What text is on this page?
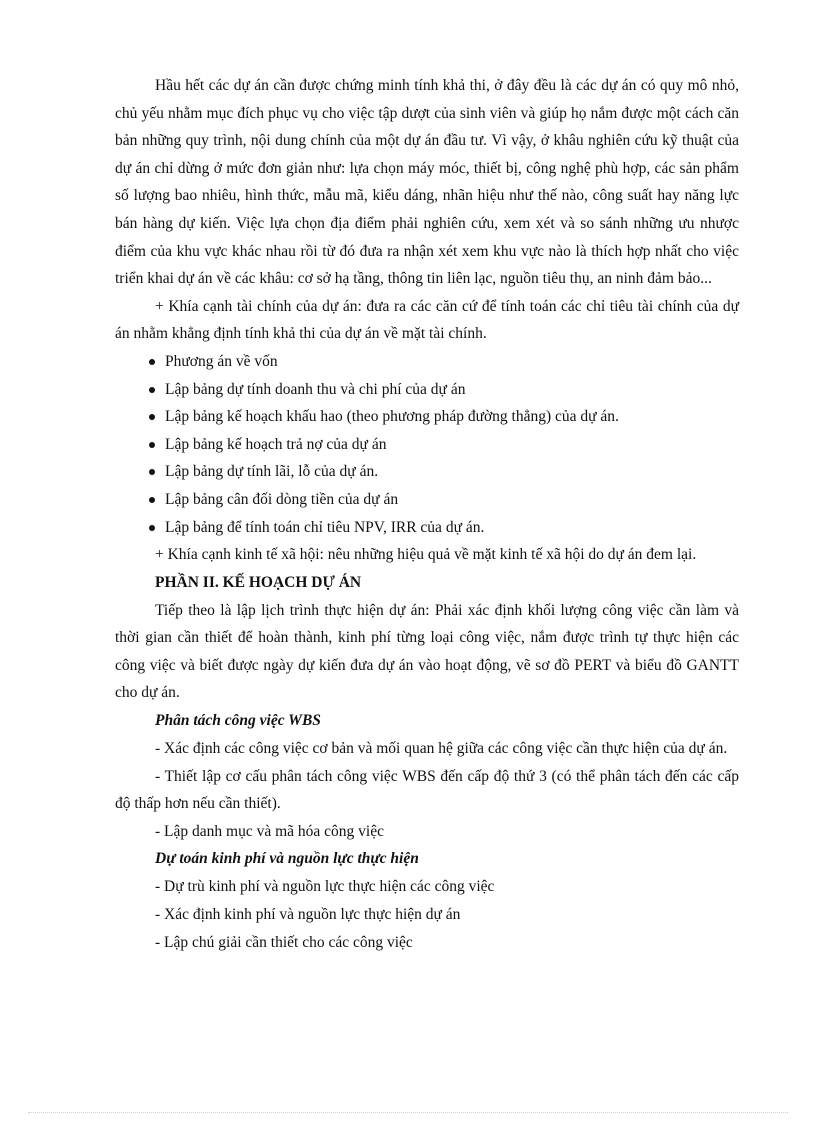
Hầu hết các dự án cần được chứng minh tính khả thi, ở đây đều là các dự án có quy mô nhỏ, chủ yếu nhằm mục đích phục vụ cho việc tập dượt của sinh viên và giúp họ nắm được một cách căn bản những quy trình, nội dung chính của một dự án đầu tư. Vì vậy, ở khâu nghiên cứu kỹ thuật của dự án chỉ dừng ở mức đơn giản như: lựa chọn máy móc, thiết bị, công nghệ phù hợp, các sản phẩm số lượng bao nhiêu, hình thức, mẫu mã, kiểu dáng, nhãn hiệu như thế nào, công suất hay năng lực bán hàng dự kiến. Việc lựa chọn địa điểm phải nghiên cứu, xem xét và so sánh những ưu nhược điểm của khu vực khác nhau rồi từ đó đưa ra nhận xét xem khu vực nào là thích hợp nhất cho việc triển khai dự án về các khâu: cơ sở hạ tầng, thông tin liên lạc, nguồn tiêu thụ, an ninh đảm bảo...

+ Khía cạnh tài chính của dự án: đưa ra các căn cứ để tính toán các chỉ tiêu tài chính của dự án nhằm khẳng định tính khả thi của dự án về mặt tài chính.

Phương án về vốn
Lập bảng dự tính doanh thu và chi phí của dự án
Lập bảng kế hoạch khấu hao (theo phương pháp đường thẳng) của dự án.
Lập bảng kế hoạch trả nợ của dự án
Lập bảng dự tính lãi, lỗ của dự án.
Lập bảng cân đối dòng tiền của dự án
Lập bảng để tính toán chỉ tiêu NPV, IRR của dự án.

+ Khía cạnh kinh tế xã hội: nêu những hiệu quả về mặt kinh tế xã hội do dự án đem lại.

PHẦN II. KẾ HOẠCH DỰ ÁN

Tiếp theo là lập lịch trình thực hiện dự án: Phải xác định khối lượng công việc cần làm và thời gian cần thiết để hoàn thành, kinh phí từng loại công việc, nắm được trình tự thực hiện các công việc và biết được ngày dự kiến đưa dự án vào hoạt động, vẽ sơ đồ PERT và biểu đồ GANTT cho dự án.

Phân tách công việc WBS

- Xác định các công việc cơ bản và mối quan hệ giữa các công việc cần thực hiện của dự án.

- Thiết lập cơ cấu phân tách công việc WBS đến cấp độ thứ 3 (có thể phân tách đến các cấp độ thấp hơn nếu cần thiết).

- Lập danh mục và mã hóa công việc

Dự toán kinh phí và nguồn lực thực hiện

- Dự trù kinh phí và nguồn lực thực hiện các công việc

- Xác định kinh phí và nguồn lực thực hiện dự án

- Lập chú giải cần thiết cho các công việc
